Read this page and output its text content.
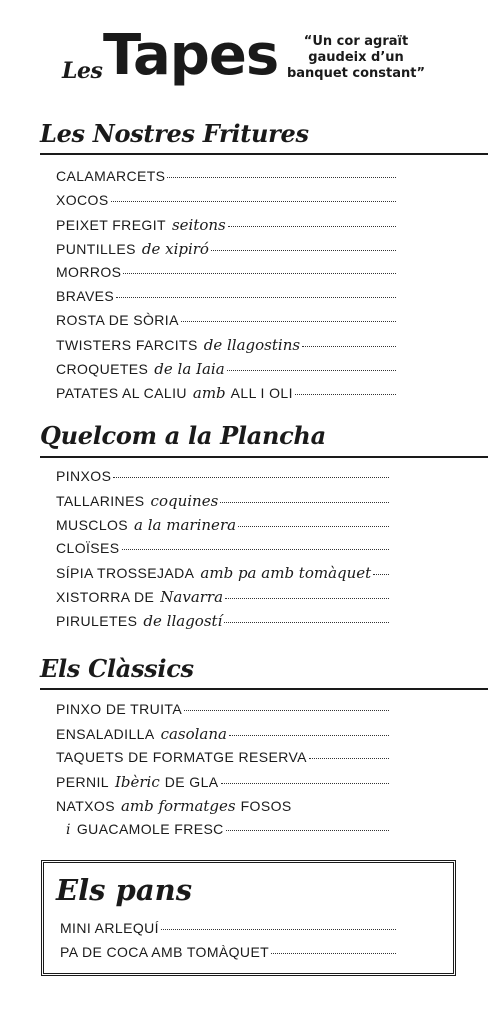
Les Tapes	“Un cor agraït
gaudeix d’un
banquet constant”
Les Nostres Fritures
CALAMARCETS
XOCOS
PEIXET FREGIT seitons
PUNTILLES de xipiró
MORROS
BRAVES
ROSTA DE SÒRIA
TWISTERS FARCITS de llagostins
CROQUETES de la Iaia
PATATES AL CALIU amb ALL I OLI
Quelcom a la Plancha
PINXOS
TALLARINES coquines
MUSCLOS a la marinera
CLOÏSES
SÍPIA TROSSEJADA amb pa amb tomàquet
XISTORRA DE Navarra
PIRULETES de llagostí
Els Clàssics
PINXO DE TRUITA
ENSALADILLA casolana
TAQUETS DE FORMATGE RESERVA
PERNIL Ibèric DE GLA
NATXOS amb formatges FOSOS
i GUACAMOLE FRESC
Els pans
MINI ARLEQUÍ
PA DE COCA AMB TOMÀQUET
